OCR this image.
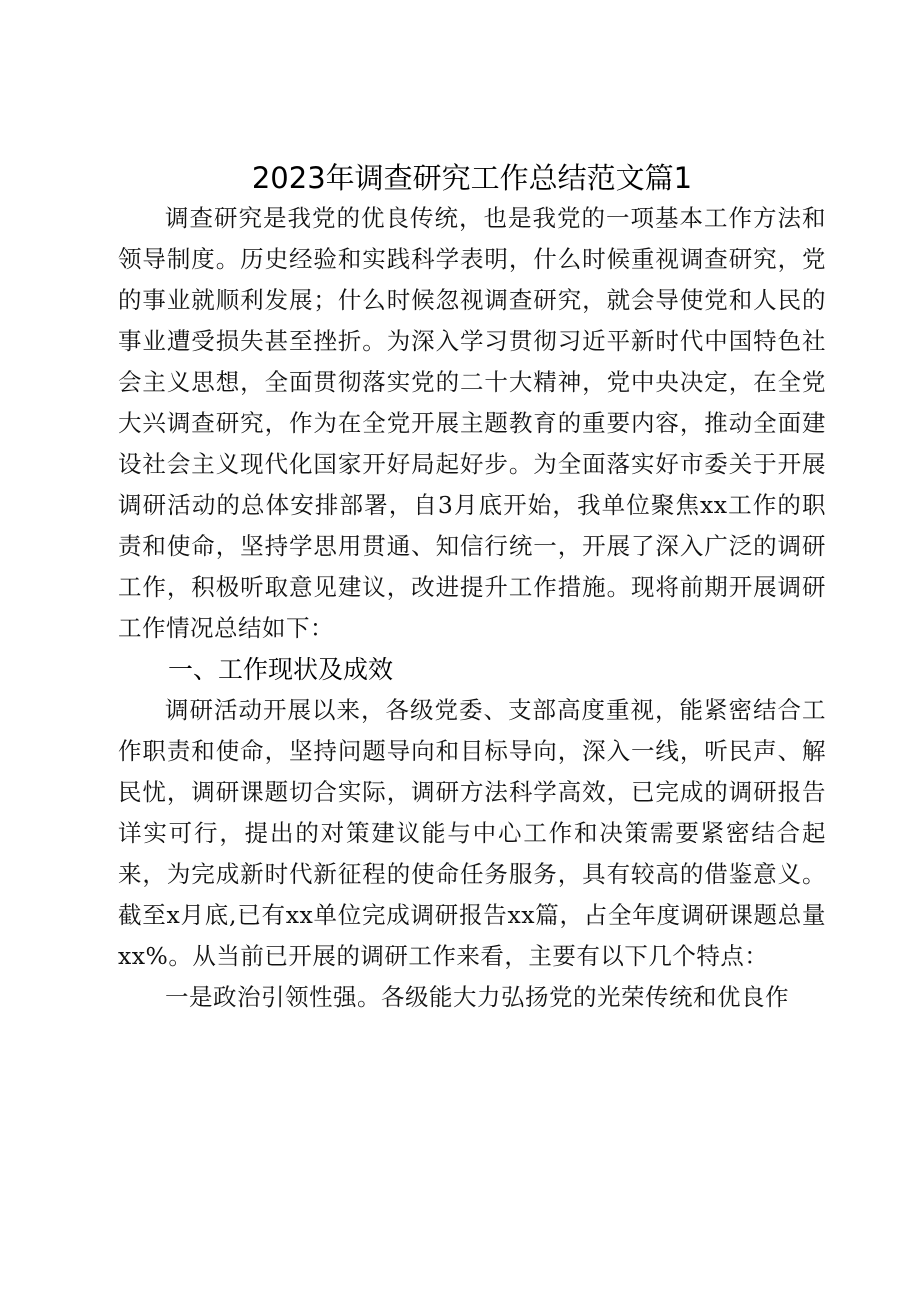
2023年调查研究工作总结范文篇1

调查研究是我党的优良传统，也是我党的一项基本工作方法和领导制度。历史经验和实践科学表明，什么时候重视调查研究，党的事业就顺利发展；什么时候忽视调查研究，就会导使党和人民的事业遭受损失甚至挫折。为深入学习贯彻习近平新时代中国特色社会主义思想，全面贯彻落实党的二十大精神，党中央决定，在全党大兴调查研究，作为在全党开展主题教育的重要内容，推动全面建设社会主义现代化国家开好局起好步。为全面落实好市委关于开展调研活动的总体安排部署，自3月底开始，我单位聚焦xx工作的职责和使命，坚持学思用贯通、知信行统一，开展了深入广泛的调研工作，积极听取意见建议，改进提升工作措施。现将前期开展调研工作情况总结如下：

一、工作现状及成效

调研活动开展以来，各级党委、支部高度重视，能紧密结合工作职责和使命，坚持问题导向和目标导向，深入一线，听民声、解民忧，调研课题切合实际，调研方法科学高效，已完成的调研报告详实可行，提出的对策建议能与中心工作和决策需要紧密结合起来，为完成新时代新征程的使命任务服务，具有较高的借鉴意义。截至x月底,已有xx单位完成调研报告xx篇，占全年度调研课题总量xx%。从当前已开展的调研工作来看，主要有以下几个特点：

一是政治引领性强。各级能大力弘扬党的光荣传统和优良作
